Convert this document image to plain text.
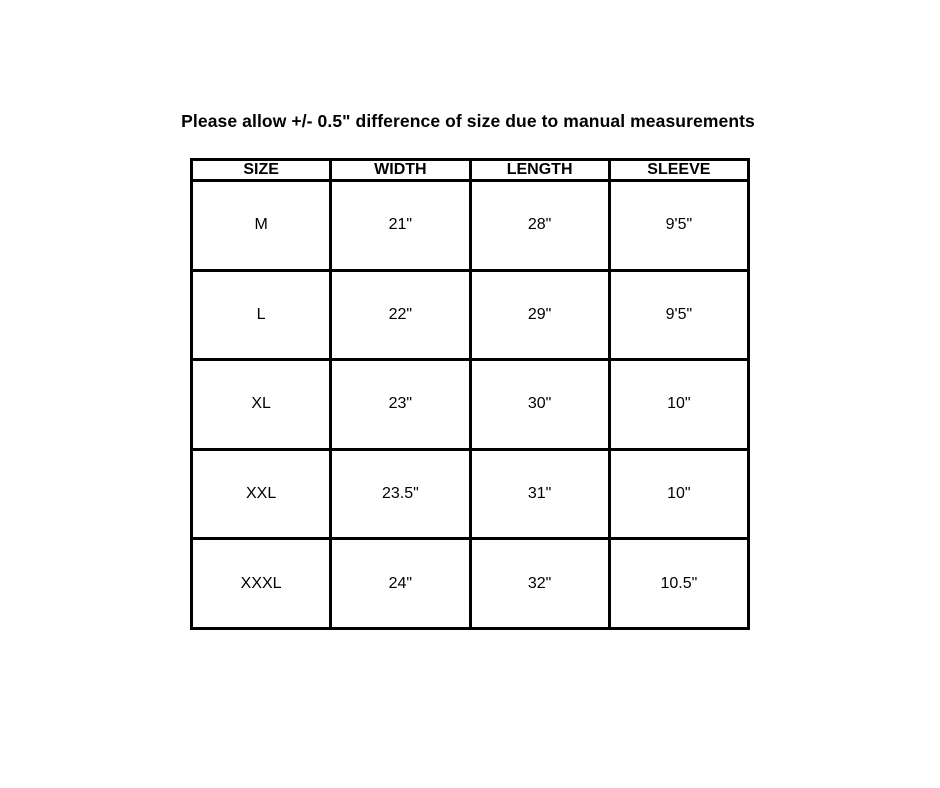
Please allow +/- 0.5" difference of size due to manual measurements
SIZE	WIDTH	LENGTH	SLEEVE
M	21"	28"	9'5"
L	22"	29"	9'5"
XL	23"	30"	10"
XXL	23.5"	31"	10"
XXXL	24"	32"	10.5"
